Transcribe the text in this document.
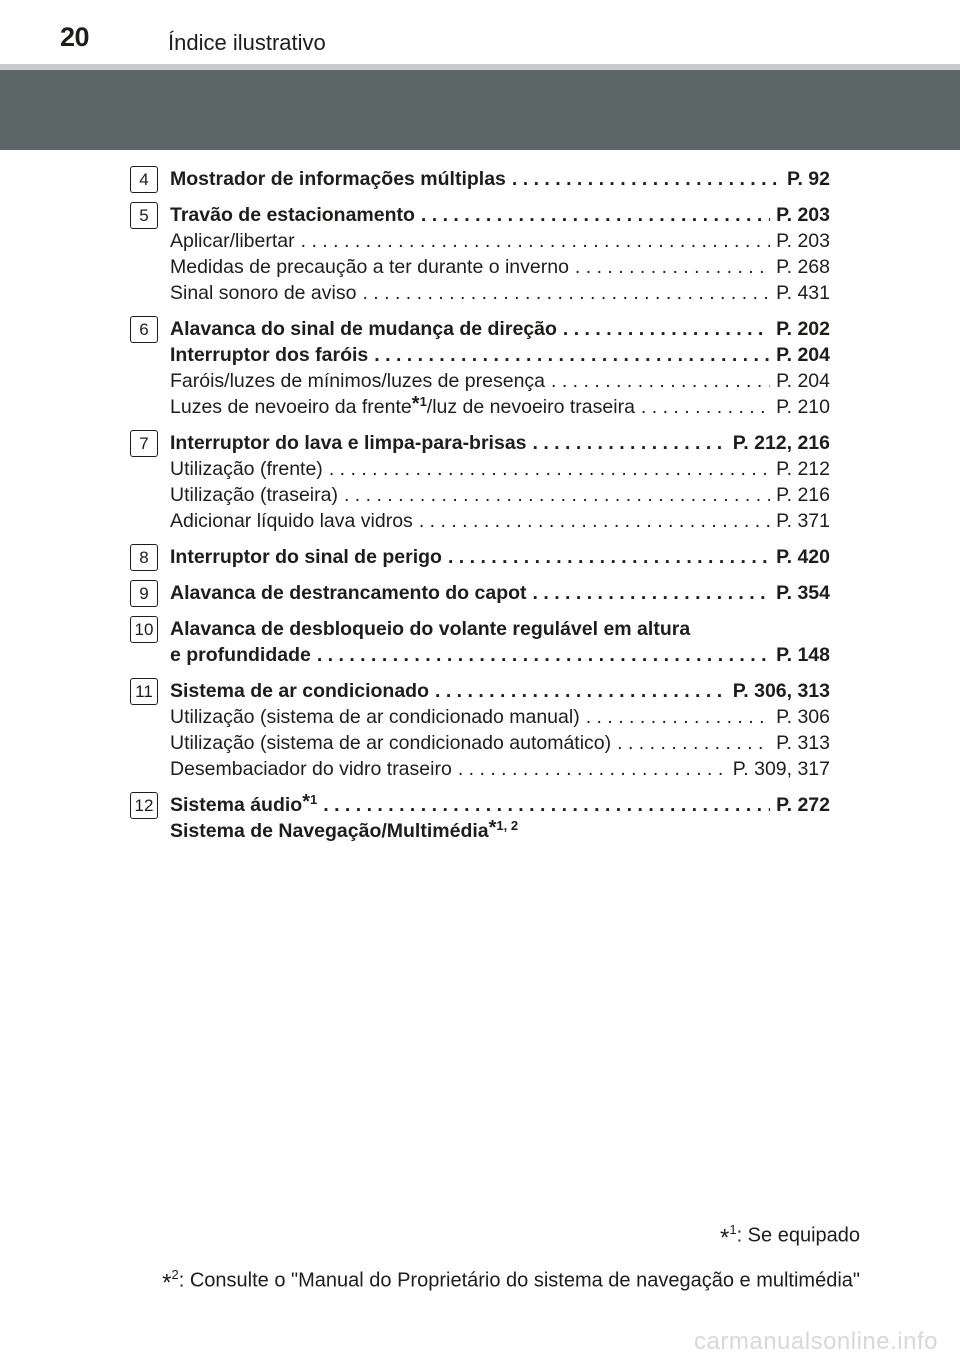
20	Índice ilustrativo
4	Mostrador de informações múltiplas . . .	P. 92
5	Travão de estacionamento . . .	P. 203
Aplicar/libertar . . .	P. 203
Medidas de precaução a ter durante o inverno . . .	P. 268
Sinal sonoro de aviso . . .	P. 431
6	Alavanca do sinal de mudança de direção . . .	P. 202
Interruptor dos faróis . . .	P. 204
Faróis/luzes de mínimos/luzes de presença . . .	P. 204
Luzes de nevoeiro da frente$^{*1}$/luz de nevoeiro traseira . . .	P. 210
7	Interruptor do lava e limpa-para-brisas . . .	P. 212, 216
Utilização (frente) . . .	P. 212
Utilização (traseira) . . .	P. 216
Adicionar líquido lava vidros . . .	P. 371
8	Interruptor do sinal de perigo . . .	P. 420
9	Alavanca de destrancamento do capot . . .	P. 354
10 Alavanca de desbloqueio do volante regulável em altura
e profundidade . . .	P. 148
11 Sistema de ar condicionado . . .	P. 306, 313
Utilização (sistema de ar condicionado manual) . . .	P. 306
Utilização (sistema de ar condicionado automático) . . .	P. 313
Desembaciador do vidro traseiro . . .	P. 309, 317
12 Sistema áudio$^{*1}$ . . .	P. 272
Sistema de Navegação/Multimédia$^{*1, 2}$
*$^1$: Se equipado
*$^2$: Consulte o "Manual do Proprietário do sistema de navegação e multimédia"
carmanualsonline.info
